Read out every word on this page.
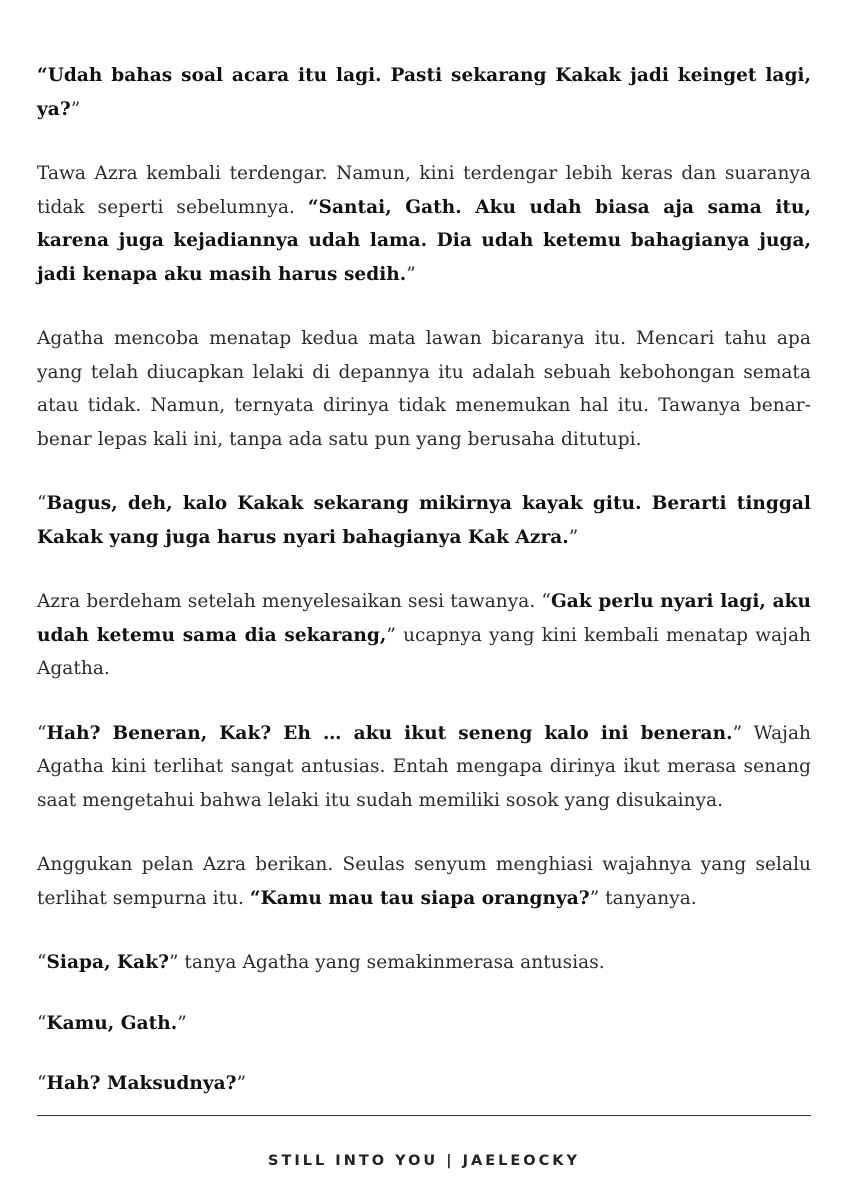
“Udah bahas soal acara itu lagi. Pasti sekarang Kakak jadi keinget lagi, ya?”

Tawa Azra kembali terdengar. Namun, kini terdengar lebih keras dan suaranya tidak seperti sebelumnya. “Santai, Gath. Aku udah biasa aja sama itu, karena juga kejadiannya udah lama. Dia udah ketemu bahagianya juga, jadi kenapa aku masih harus sedih.”

Agatha mencoba menatap kedua mata lawan bicaranya itu. Mencari tahu apa yang telah diucapkan lelaki di depannya itu adalah sebuah kebohongan semata atau tidak. Namun, ternyata dirinya tidak menemukan hal itu. Tawanya benar-benar lepas kali ini, tanpa ada satu pun yang berusaha ditutupi.

“Bagus, deh, kalo Kakak sekarang mikirnya kayak gitu. Berarti tinggal Kakak yang juga harus nyari bahagianya Kak Azra.”

Azra berdeham setelah menyelesaikan sesi tawanya. “Gak perlu nyari lagi, aku udah ketemu sama dia sekarang,” ucapnya yang kini kembali menatap wajah Agatha.

“Hah? Beneran, Kak? Eh … aku ikut seneng kalo ini beneran.” Wajah Agatha kini terlihat sangat antusias. Entah mengapa dirinya ikut merasa senang saat mengetahui bahwa lelaki itu sudah memiliki sosok yang disukainya.

Anggukan pelan Azra berikan. Seulas senyum menghiasi wajahnya yang selalu terlihat sempurna itu. “Kamu mau tau siapa orangnya?” tanyanya.

“Siapa, Kak?” tanya Agatha yang semakinmerasa antusias.

“Kamu, Gath.”

“Hah? Maksudnya?”

STILL INTO YOU | JAELEOCKY
